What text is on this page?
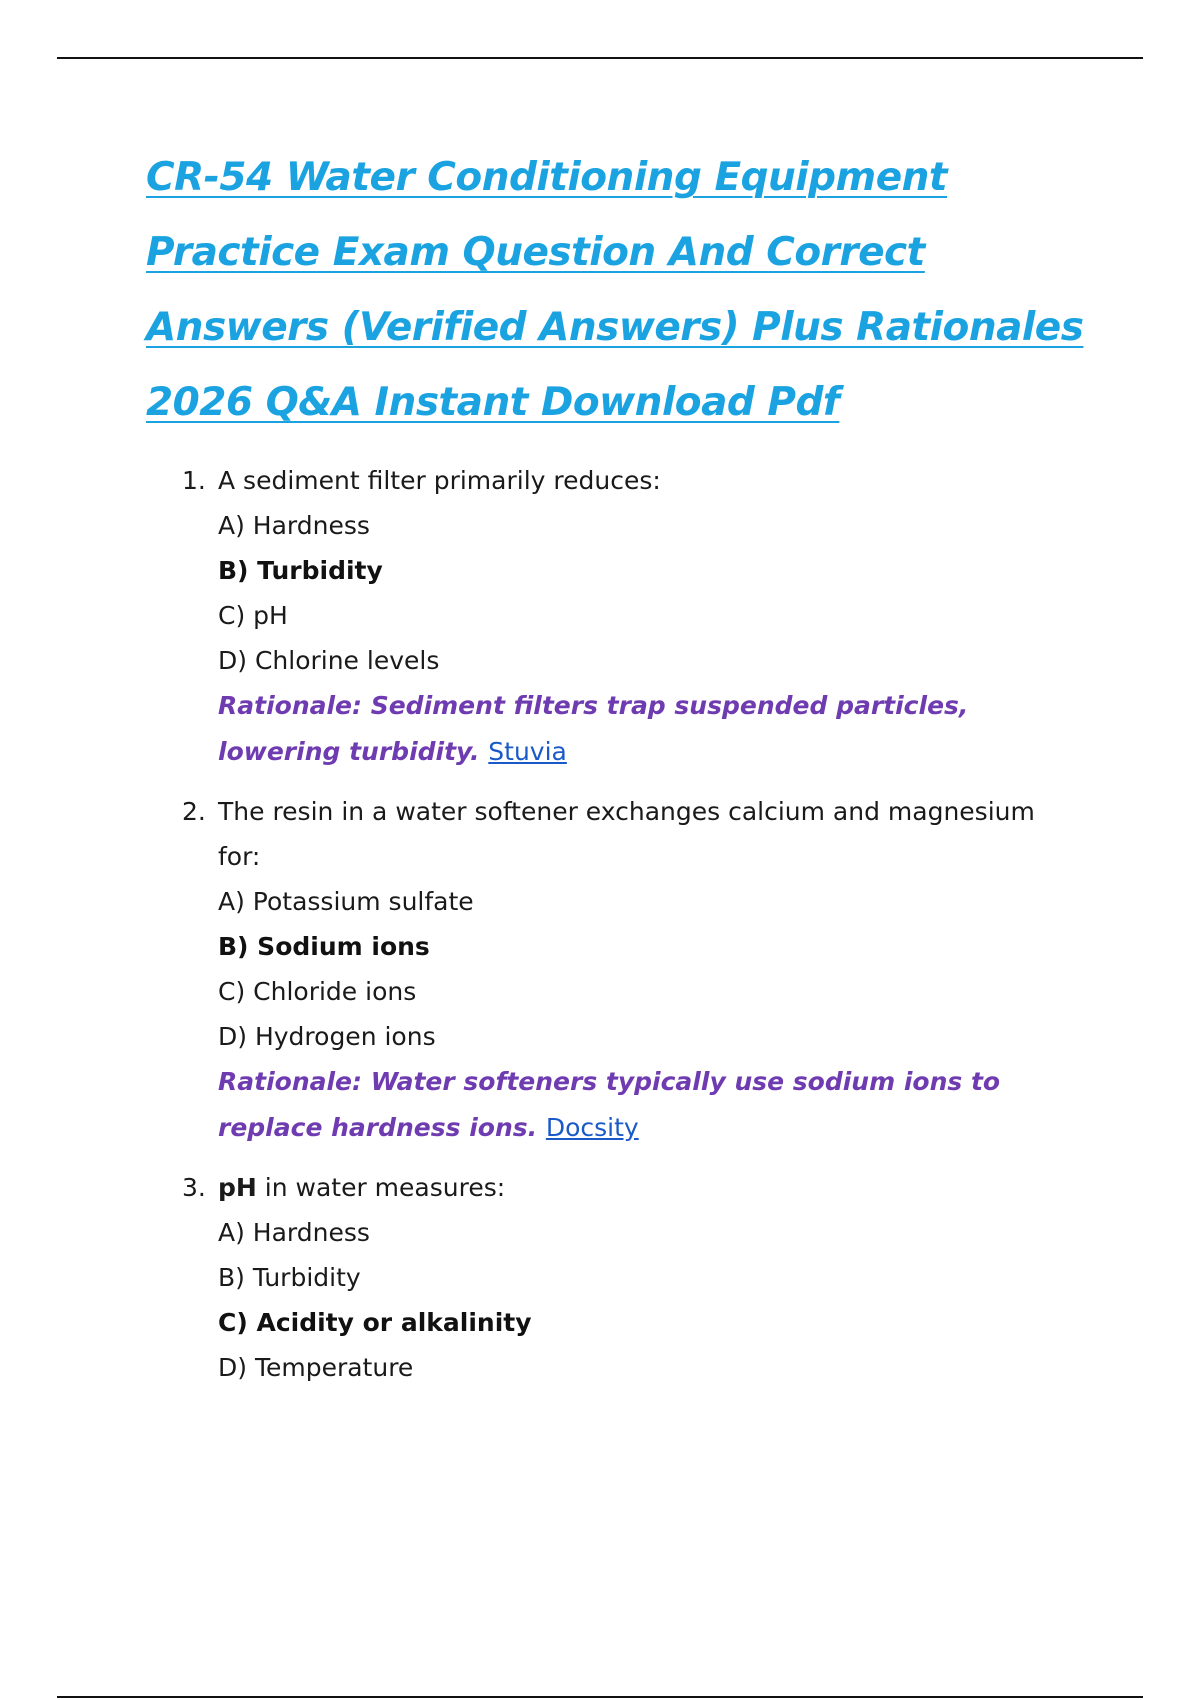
CR-54 Water Conditioning Equipment
Practice Exam Question And Correct
Answers (Verified Answers) Plus Rationales
2026 Q&A Instant Download Pdf
1. A sediment filter primarily reduces:
A) Hardness
B) Turbidity
C) pH
D) Chlorine levels
Rationale: Sediment filters trap suspended particles, lowering turbidity. Stuvia
2. The resin in a water softener exchanges calcium and magnesium for:
A) Potassium sulfate
B) Sodium ions
C) Chloride ions
D) Hydrogen ions
Rationale: Water softeners typically use sodium ions to replace hardness ions. Docsity
3. pH in water measures:
A) Hardness
B) Turbidity
C) Acidity or alkalinity
D) Temperature
